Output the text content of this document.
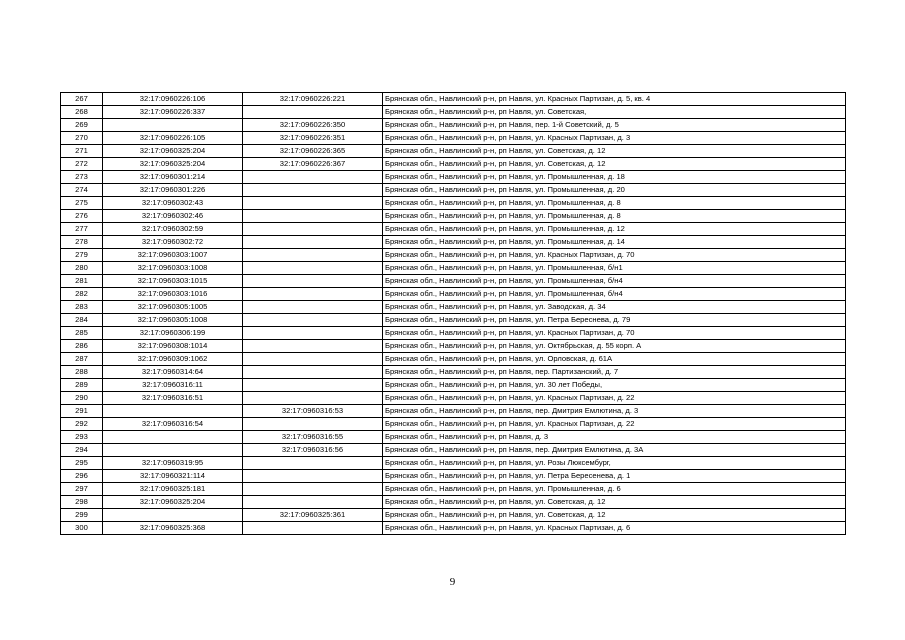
267	32:17:0960226:106	32:17:0960226:221	Брянская обл., Навлинский р-н, рп Навля, ул. Красных Партизан, д. 5, кв. 4
268	32:17:0960226:337		Брянская обл., Навлинский р-н, рп Навля, ул. Советская,
269		32:17:0960226:350	Брянская обл., Навлинский р-н, рп Навля, пер. 1-й Советский, д. 5
270	32:17:0960226:105	32:17:0960226:351	Брянская обл., Навлинский р-н, рп Навля, ул. Красных Партизан, д. 3
271	32:17:0960325:204	32:17:0960226:365	Брянская обл., Навлинский р-н, рп Навля, ул. Советская, д. 12
272	32:17:0960325:204	32:17:0960226:367	Брянская обл., Навлинский р-н, рп Навля, ул. Советская, д. 12
273	32:17:0960301:214		Брянская обл., Навлинский р-н, рп Навля, ул. Промышленная, д. 18
274	32:17:0960301:226		Брянская обл., Навлинский р-н, рп Навля, ул. Промышленная, д. 20
275	32:17:0960302:43		Брянская обл., Навлинский р-н, рп Навля, ул. Промышленная, д. 8
276	32:17:0960302:46		Брянская обл., Навлинский р-н, рп Навля, ул. Промышленная, д. 8
277	32:17:0960302:59		Брянская обл., Навлинский р-н, рп Навля, ул. Промышленная, д. 12
278	32:17:0960302:72		Брянская обл., Навлинский р-н, рп Навля, ул. Промышленная, д. 14
279	32:17:0960303:1007		Брянская обл., Навлинский р-н, рп Навля, ул. Красных Партизан, д. 70
280	32:17:0960303:1008		Брянская обл., Навлинский р-н, рп Навля, ул. Промышленная, б/н1
281	32:17:0960303:1015		Брянская обл., Навлинский р-н, рп Навля, ул. Промышленная, б/н4
282	32:17:0960303:1016		Брянская обл., Навлинский р-н, рп Навля, ул. Промышленная, б/н4
283	32:17:0960305:1005		Брянская обл., Навлинский р-н, рп Навля, ул. Заводская, д. 34
284	32:17:0960305:1008		Брянская обл., Навлинский р-н, рп Навля, ул. Петра Береснева, д. 79
285	32:17:0960306:199		Брянская обл., Навлинский р-н, рп Навля, ул. Красных Партизан, д. 70
286	32:17:0960308:1014		Брянская обл., Навлинский р-н, рп Навля, ул. Октябрьская, д. 55 корп. А
287	32:17:0960309:1062		Брянская обл., Навлинский р-н, рп Навля, ул. Орловская, д. 61А
288	32:17:0960314:64		Брянская обл., Навлинский р-н, рп Навля, пер. Партизанский, д. 7
289	32:17:0960316:11		Брянская обл., Навлинский р-н, рп Навля, ул. 30 лет Победы,
290	32:17:0960316:51		Брянская обл., Навлинский р-н, рп Навля, ул. Красных Партизан, д. 22
291		32:17:0960316:53	Брянская обл., Навлинский р-н, рп Навля, пер. Дмитрия Емлютина, д. 3
292	32:17:0960316:54		Брянская обл., Навлинский р-н, рп Навля, ул. Красных Партизан, д. 22
293		32:17:0960316:55	Брянская обл., Навлинский р-н, рп Навля, д. 3
294		32:17:0960316:56	Брянская обл., Навлинский р-н, рп Навля, пер. Дмитрия Емлютина, д. 3А
295	32:17:0960319:95		Брянская обл., Навлинский р-н, рп Навля, ул. Розы Люксембург,
296	32:17:0960321:114		Брянская обл., Навлинский р-н, рп Навля, ул. Петра Бересенева, д. 1
297	32:17:0960325:181		Брянская обл., Навлинский р-н, рп Навля, ул. Промышленная, д. 6
298	32:17:0960325:204		Брянская обл., Навлинский р-н, рп Навля, ул. Советская, д. 12
299		32:17:0960325:361	Брянская обл., Навлинский р-н, рп Навля, ул. Советская, д. 12
300	32:17:0960325:368		Брянская обл., Навлинский р-н, рп Навля, ул. Красных Партизан, д. 6
9
